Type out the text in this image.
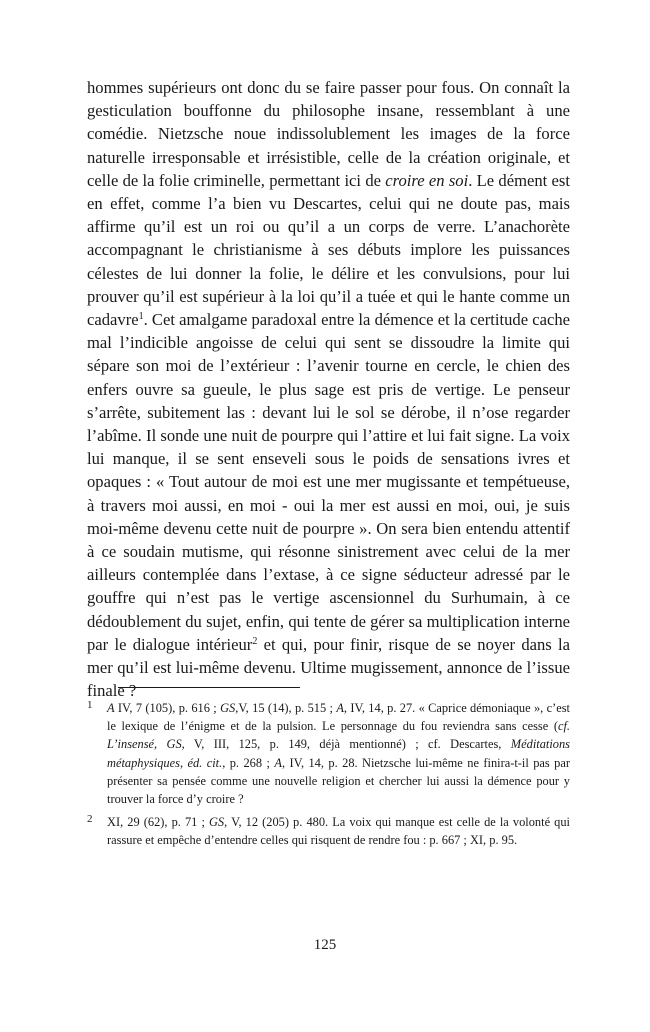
hommes supérieurs ont donc du se faire passer pour fous. On connaît la gesticulation bouffonne du philosophe insane, ressemblant à une comédie. Nietzsche noue indissolublement les images de la force naturelle irresponsable et irrésistible, celle de la création originale, et celle de la folie criminelle, permettant ici de croire en soi. Le dément est en effet, comme l’a bien vu Descartes, celui qui ne doute pas, mais affirme qu’il est un roi ou qu’il a un corps de verre. L’anachorète accompagnant le christianisme à ses débuts implore les puissances célestes de lui donner la folie, le délire et les convulsions, pour lui prouver qu’il est supérieur à la loi qu’il a tuée et qui le hante comme un cadavre$^1$. Cet amalgame paradoxal entre la démence et la certitude cache mal l’indicible angoisse de celui qui sent se dissoudre la limite qui sépare son moi de l’extérieur : l’avenir tourne en cercle, le chien des enfers ouvre sa gueule, le plus sage est pris de vertige. Le penseur s’arrête, subitement las : devant lui le sol se dérobe, il n’ose regarder l’abîme. Il sonde une nuit de pourpre qui l’attire et lui fait signe. La voix lui manque, il se sent enseveli sous le poids de sensations ivres et opaques : « Tout autour de moi est une mer mugissante et tempétueuse, à travers moi aussi, en moi - oui la mer est aussi en moi, oui, je suis moi-même devenu cette nuit de pourpre ». On sera bien entendu attentif à ce soudain mutisme, qui résonne sinistrement avec celui de la mer ailleurs contemplée dans l’extase, à ce signe séducteur adressé par le gouffre qui n’est pas le vertige ascensionnel du Surhumain, à ce dédoublement du sujet, enfin, qui tente de gérer sa multiplication interne par le dialogue intérieur$^2$ et qui, pour finir, risque de se noyer dans la mer qu’il est lui-même devenu. Ultime mugissement, annonce de l’issue finale ?

1 A IV, 7 (105), p. 616 ; GS,V, 15 (14), p. 515 ; A, IV, 14, p. 27. « Caprice démoniaque », c’est le lexique de l’énigme et de la pulsion. Le personnage du fou reviendra sans cesse (cf. L’insensé, GS, V, III, 125, p. 149, déjà mentionné) ; cf. Descartes, Méditations métaphysiques, éd. cit., p. 268 ; A, IV, 14, p. 28. Nietzsche lui-même ne finira-t-il pas par présenter sa pensée comme une nouvelle religion et chercher lui aussi la démence pour y trouver la force d’y croire ?

2 XI, 29 (62), p. 71 ; GS, V, 12 (205) p. 480. La voix qui manque est celle de la volonté qui rassure et empêche d’entendre celles qui risquent de rendre fou : p. 667 ; XI, p. 95.

125
